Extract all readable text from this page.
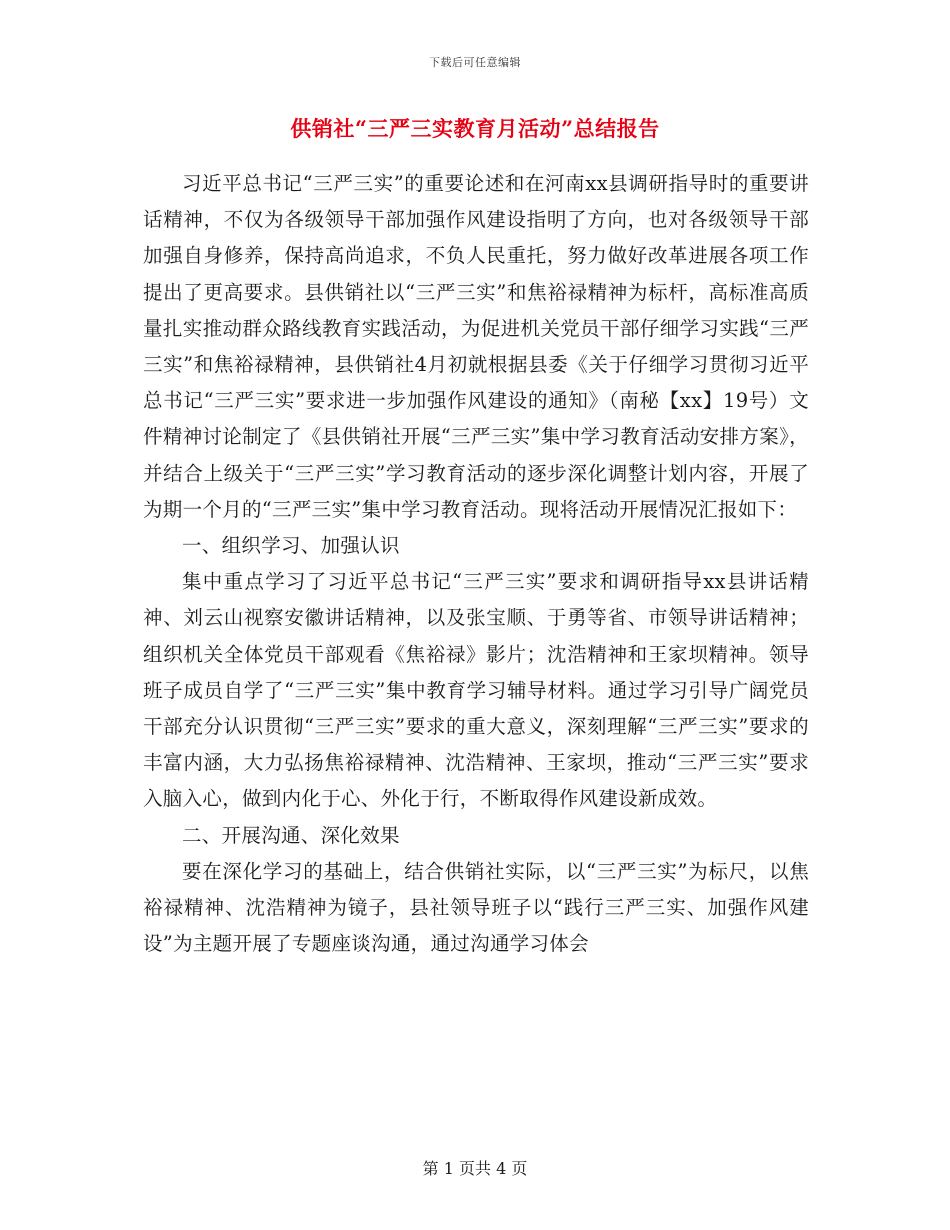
下载后可任意编辑
供销社“三严三实教育月活动”总结报告

习近平总书记“三严三实”的重要论述和在河南xx县调研指导时的重要讲话精神，不仅为各级领导干部加强作风建设指明了方向，也对各级领导干部加强自身修养，保持高尚追求，不负人民重托，努力做好改革进展各项工作提出了更高要求。县供销社以“三严三实”和焦裕禄精神为标杆，高标准高质量扎实推动群众路线教育实践活动，为促进机关党员干部仔细学习实践“三严三实”和焦裕禄精神，县供销社4月初就根据县委《关于仔细学习贯彻习近平总书记“三严三实”要求进一步加强作风建设的通知》（南秘【xx】19号）文件精神讨论制定了《县供销社开展“三严三实”集中学习教育活动安排方案》，并结合上级关于“三严三实”学习教育活动的逐步深化调整计划内容，开展了为期一个月的“三严三实”集中学习教育活动。现将活动开展情况汇报如下：

一、组织学习、加强认识

集中重点学习了习近平总书记“三严三实”要求和调研指导xx县讲话精神、刘云山视察安徽讲话精神，以及张宝顺、于勇等省、市领导讲话精神；组织机关全体党员干部观看《焦裕禄》影片；沈浩精神和王家坝精神。领导班子成员自学了“三严三实”集中教育学习辅导材料。通过学习引导广阔党员干部充分认识贯彻“三严三实”要求的重大意义，深刻理解“三严三实”要求的丰富内涵，大力弘扬焦裕禄精神、沈浩精神、王家坝，推动“三严三实”要求入脑入心，做到内化于心、外化于行，不断取得作风建设新成效。

二、开展沟通、深化效果

要在深化学习的基础上，结合供销社实际，以“三严三实”为标尺，以焦裕禄精神、沈浩精神为镜子，县社领导班子以“践行三严三实、加强作风建设”为主题开展了专题座谈沟通，通过沟通学习体会

第 1 页共 4 页
